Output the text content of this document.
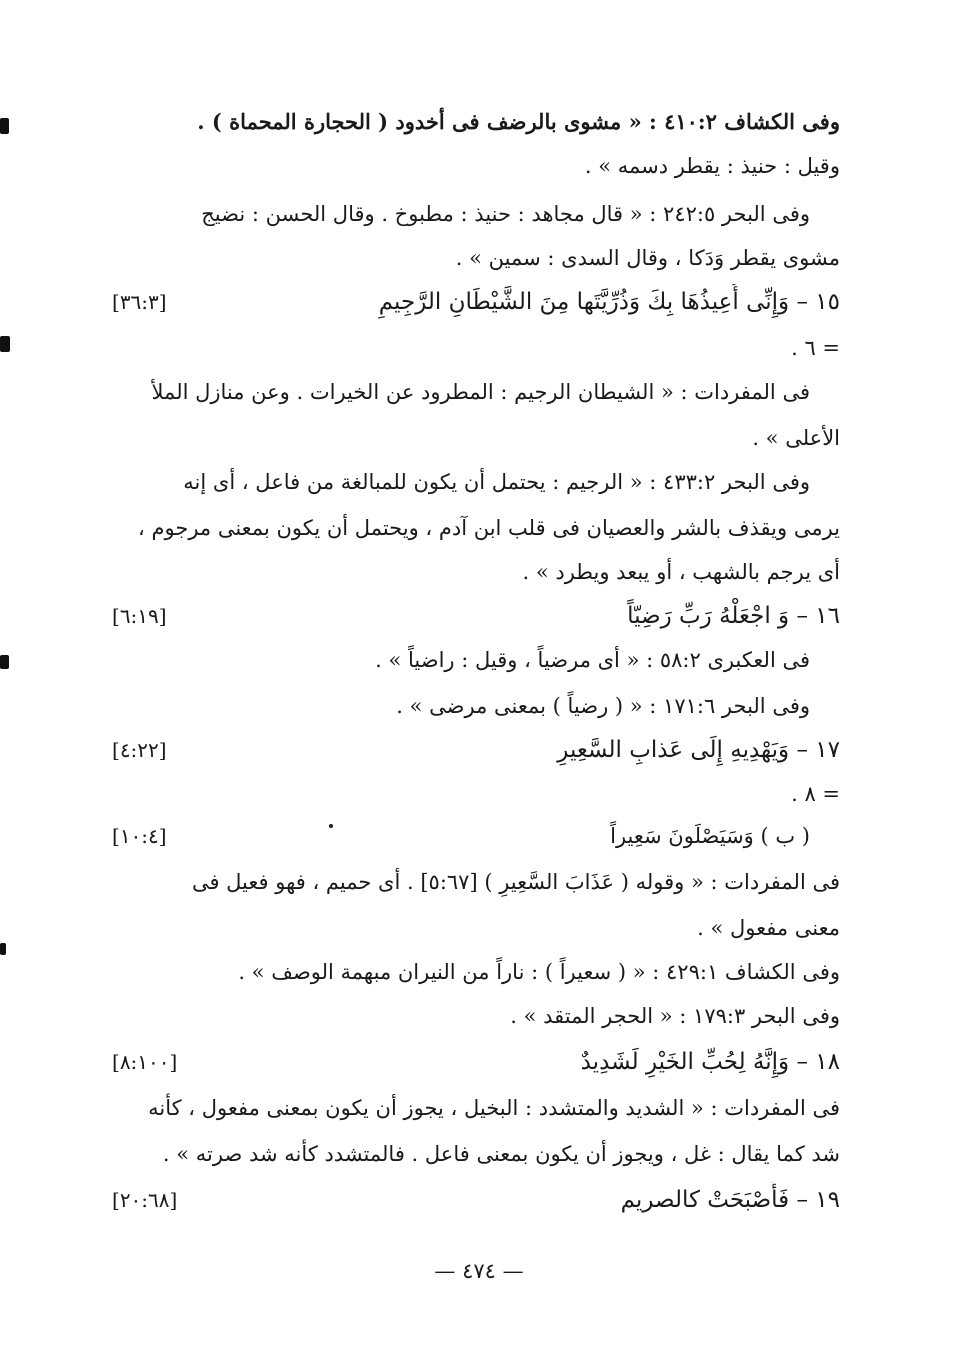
وفى الكشاف ٤١٠:٢ : « مشوى بالرضف فى أخدود ( الحجارة المحماة ) .
وقيل : حنيذ : يقطر دسمه » .
وفى البحر ٢٤٢:٥ : « قال مجاهد : حنيذ : مطبوخ . وقال الحسن : نضيج
مشوى يقطر وَدَكا ، وقال السدى : سمين » .
١٥ – وَإِنِّى أُعِيذُهَا بِكَ وَذُرِّيَّتَها مِنَ الشَّيْطَانِ الرَّجِيمِ
[٣٦:٣]
= ٦ .
فى المفردات : « الشيطان الرجيم : المطرود عن الخيرات . وعن منازل الملأ
الأعلى » .
وفى البحر ٤٣٣:٢ : « الرجيم : يحتمل أن يكون للمبالغة من فاعل ، أى إنه
يرمى ويقذف بالشر والعصيان فى قلب ابن آدم ، ويحتمل أن يكون بمعنى مرجوم ،
أى يرجم بالشهب ، أو يبعد ويطرد » .
١٦ – وَ اجْعَلْهُ رَبِّ رَضِيّاً
[٦:١٩]
فى العكبرى ٥٨:٢ : « أى مرضياً ، وقيل : راضياً » .
وفى البحر ١٧١:٦ : « ( رضياً ) بمعنى مرضى » .
١٧ – وَيَهْدِيهِ إِلَى عَذابِ السَّعِيرِ
[٤:٢٢]
= ٨ .
( ب ) وَسَيَصْلَونَ سَعِيراً
[١٠:٤]
فى المفردات : « وقوله ( عَذَابَ السَّعِيرِ ) [٥:٦٧] . أى حميم ، فهو فعيل فى
معنى مفعول » .
وفى الكشاف ٤٢٩:١ : « ( سعيراً ) : ناراً من النيران مبهمة الوصف » .
وفى البحر ١٧٩:٣ : « الحجر المتقد » .
١٨ – وَإِنَّهُ لِحُبِّ الخَيْرِ لَشَدِيدٌ
[٨:١٠٠]
فى المفردات : « الشديد والمتشدد : البخيل ، يجوز أن يكون بمعنى مفعول ، كأنه
شد كما يقال : غل ، ويجوز أن يكون بمعنى فاعل . فالمتشدد كأنه شد صرته » .
١٩ – فَأَصْبَحَتْ كالصريم
[٢٠:٦٨]
— ٤٧٤ —
